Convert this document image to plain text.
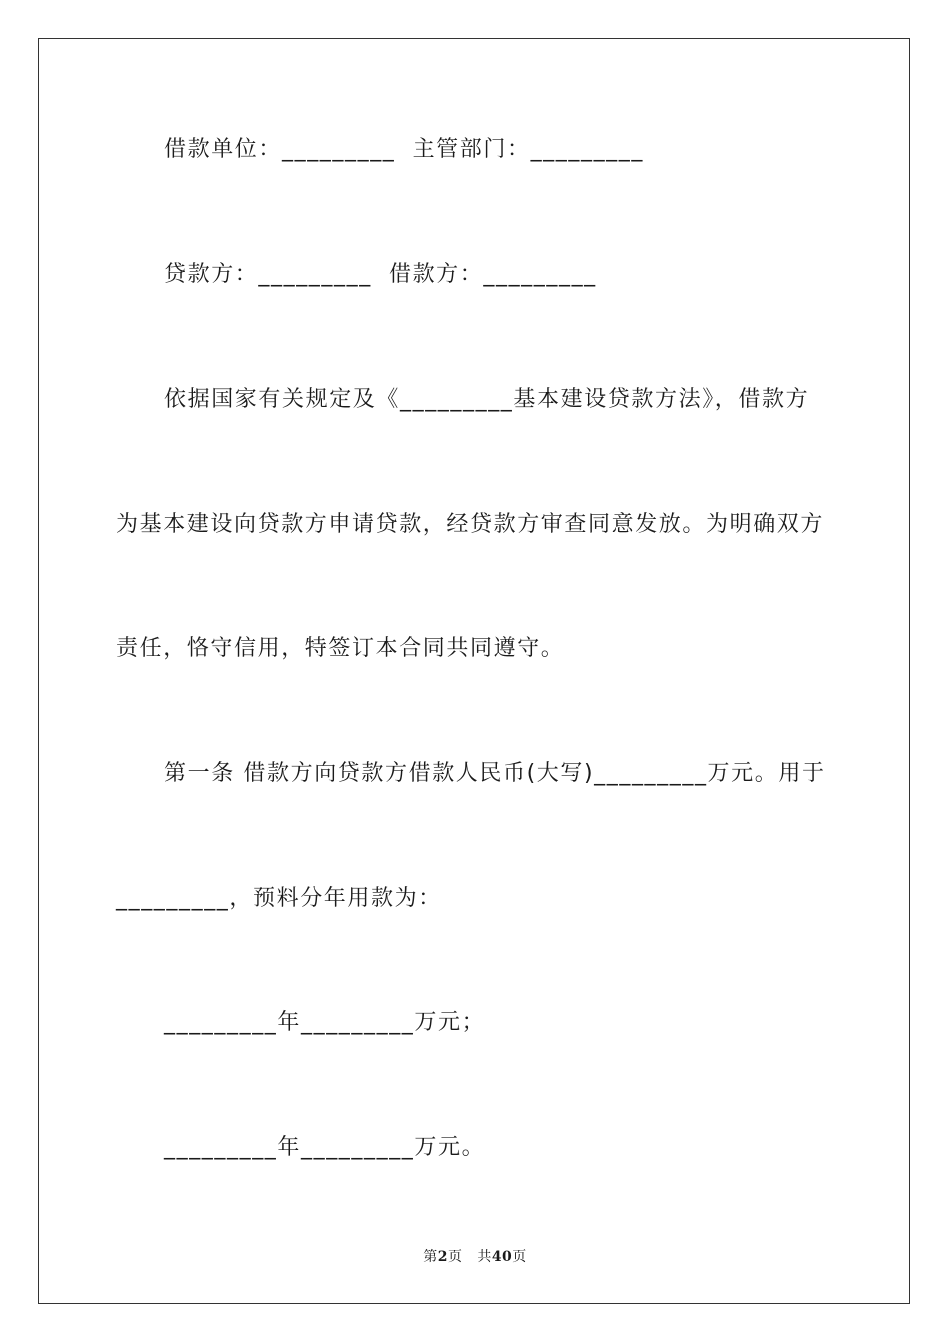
借款单位：_________  主管部门：_________
贷款方：_________  借款方：_________
依据国家有关规定及《_________基本建设贷款方法》，借款方
为基本建设向贷款方申请贷款，经贷款方审查同意发放。为明确双方
责任，恪守信用，特签订本合同共同遵守。
第一条 借款方向贷款方借款人民币(大写)_________万元。用于
_________，预料分年用款为：
_________年_________万元；
_________年_________万元。
第2页 共40页
